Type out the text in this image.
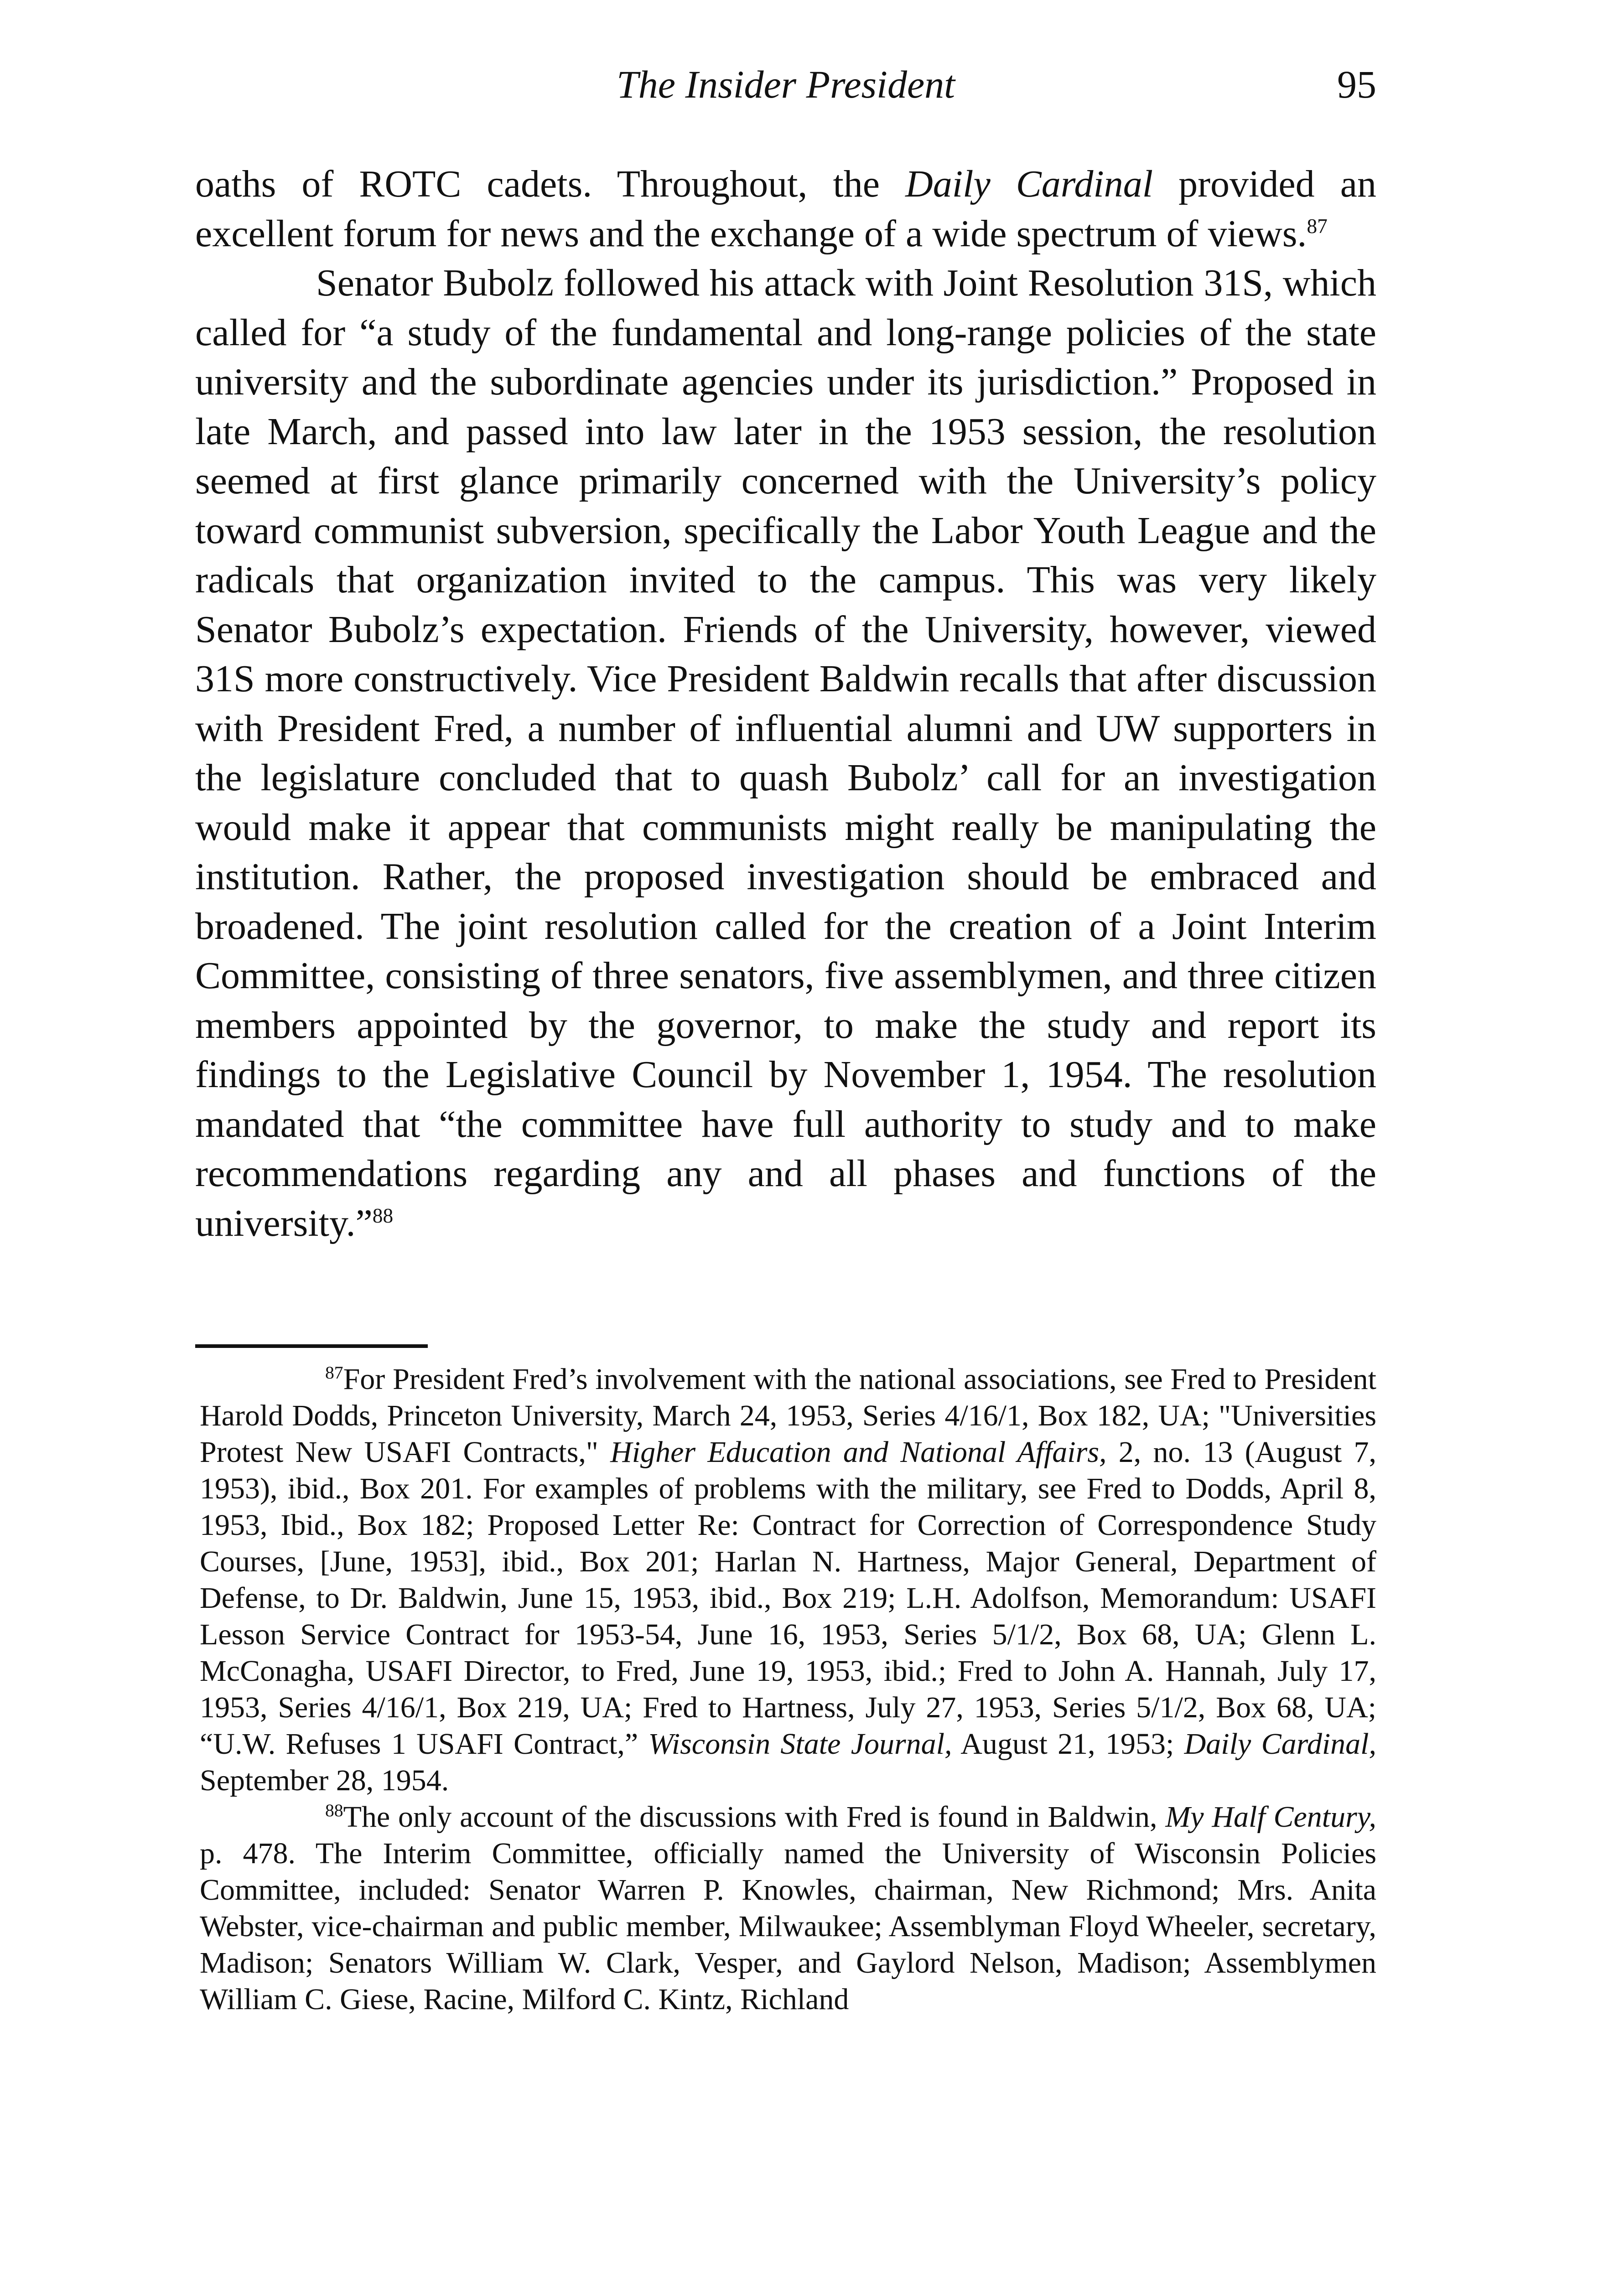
The Insider President	95

oaths of ROTC cadets. Throughout, the Daily Cardinal provided an excellent forum for news and the exchange of a wide spectrum of views.$^{87}$

Senator Bubolz followed his attack with Joint Resolution 31S, which called for “a study of the fundamental and long-range policies of the state university and the subordinate agencies under its jurisdiction.” Proposed in late March, and passed into law later in the 1953 session, the resolution seemed at first glance primarily concerned with the University’s policy toward communist subversion, specifically the Labor Youth League and the radicals that organization invited to the campus. This was very likely Senator Bubolz’s expectation. Friends of the University, however, viewed 31S more constructively. Vice President Baldwin recalls that after discussion with President Fred, a number of influential alumni and UW supporters in the legislature concluded that to quash Bubolz’ call for an investigation would make it appear that communists might really be manipulating the institution. Rather, the proposed investigation should be embraced and broadened. The joint resolution called for the creation of a Joint Interim Committee, consisting of three senators, five assemblymen, and three citizen members appointed by the governor, to make the study and report its findings to the Legislative Council by November 1, 1954. The resolution mandated that “the committee have full authority to study and to make recommendations regarding any and all phases and functions of the university.”$^{88}$

$^{87}$For President Fred’s involvement with the national associations, see Fred to President Harold Dodds, Princeton University, March 24, 1953, Series 4/16/1, Box 182, UA; "Universities Protest New USAFI Contracts," Higher Education and National Affairs, 2, no. 13 (August 7, 1953), ibid., Box 201. For examples of problems with the military, see Fred to Dodds, April 8, 1953, Ibid., Box 182; Proposed Letter Re: Contract for Correction of Correspondence Study Courses, [June, 1953], ibid., Box 201; Harlan N. Hartness, Major General, Department of Defense, to Dr. Baldwin, June 15, 1953, ibid., Box 219; L.H. Adolfson, Memorandum: USAFI Lesson Service Contract for 1953-54, June 16, 1953, Series 5/1/2, Box 68, UA; Glenn L. McConagha, USAFI Director, to Fred, June 19, 1953, ibid.; Fred to John A. Hannah, July 17, 1953, Series 4/16/1, Box 219, UA; Fred to Hartness, July 27, 1953, Series 5/1/2, Box 68, UA; “U.W. Refuses 1 USAFI Contract,” Wisconsin State Journal, August 21, 1953; Daily Cardinal, September 28, 1954.

$^{88}$The only account of the discussions with Fred is found in Baldwin, My Half Century, p. 478. The Interim Committee, officially named the University of Wisconsin Policies Committee, included: Senator Warren P. Knowles, chairman, New Richmond; Mrs. Anita Webster, vice-chairman and public member, Milwaukee; Assemblyman Floyd Wheeler, secretary, Madison; Senators William W. Clark, Vesper, and Gaylord Nelson, Madison; Assemblymen William C. Giese, Racine, Milford C. Kintz, Richland
